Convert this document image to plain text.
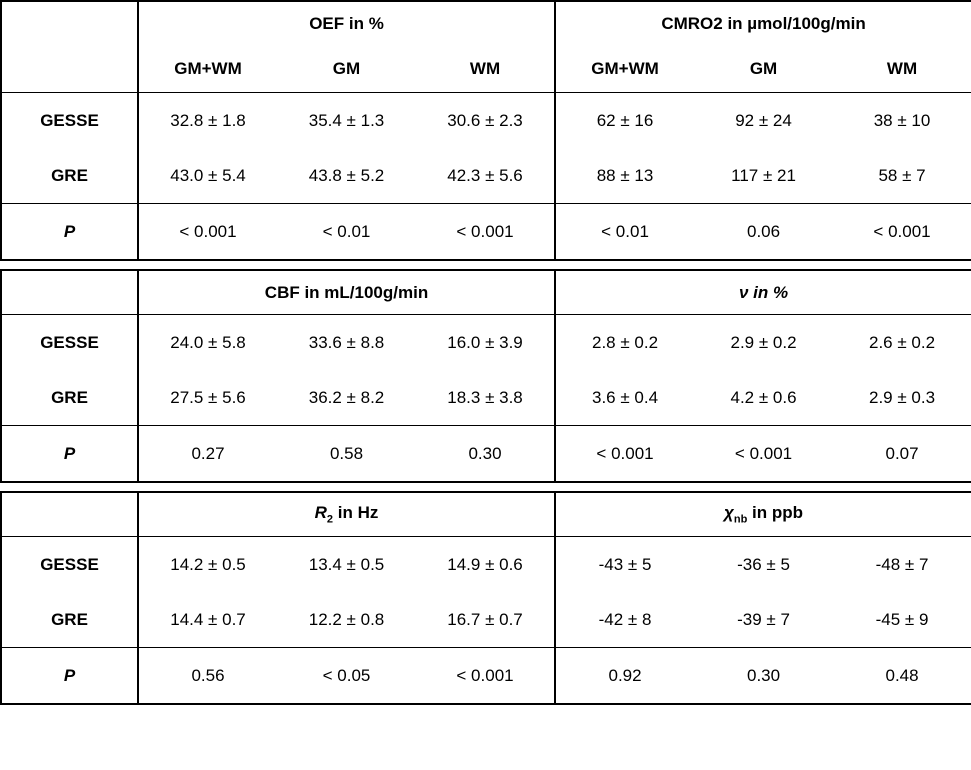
	OEF in %			CMRO2 in µmol/100g/min		
	GM+WM	GM	WM	GM+WM	GM	WM
GESSE	32.8 ± 1.8	35.4 ± 1.3	30.6 ± 2.3	62 ± 16	92 ± 24	38 ± 10
GRE	43.0 ± 5.4	43.8 ± 5.2	42.3 ± 5.6	88 ± 13	117 ± 21	58 ± 7
P	< 0.001	< 0.01	< 0.001	< 0.01	0.06	< 0.001

	CBF in mL/100g/min			ν in %		
GESSE	24.0 ± 5.8	33.6 ± 8.8	16.0 ± 3.9	2.8 ± 0.2	2.9 ± 0.2	2.6 ± 0.2
GRE	27.5 ± 5.6	36.2 ± 8.2	18.3 ± 3.8	3.6 ± 0.4	4.2 ± 0.6	2.9 ± 0.3
P	0.27	0.58	0.30	< 0.001	< 0.001	0.07

	$R_2$ in Hz			$\chi_{nb}$ in ppb		
GESSE	14.2 ± 0.5	13.4 ± 0.5	14.9 ± 0.6	-43 ± 5	-36 ± 5	-48 ± 7
GRE	14.4 ± 0.7	12.2 ± 0.8	16.7 ± 0.7	-42 ± 8	-39 ± 7	-45 ± 9
P	0.56	< 0.05	< 0.001	0.92	0.30	0.48
